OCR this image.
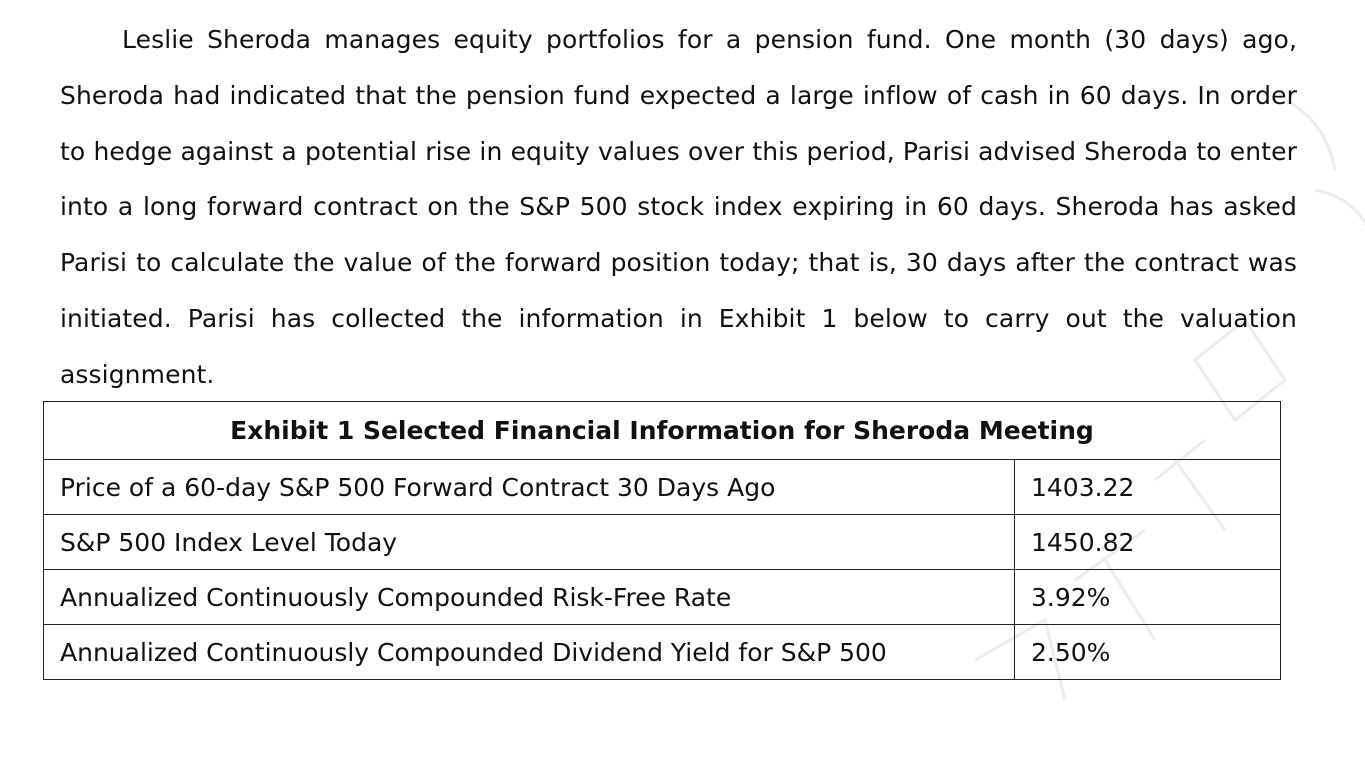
Leslie Sheroda manages equity portfolios for a pension fund. One month (30 days) ago, Sheroda had indicated that the pension fund expected a large inflow of cash in 60 days. In order to hedge against a potential rise in equity values over this period, Parisi advised Sheroda to enter into a long forward contract on the S&P 500 stock index expiring in 60 days. Sheroda has asked Parisi to calculate the value of the forward position today; that is, 30 days after the contract was initiated. Parisi has collected the information in Exhibit 1 below to carry out the valuation assignment.

Exhibit 1 Selected Financial Information for Sheroda Meeting	
Price of a 60-day S&P 500 Forward Contract 30 Days Ago	1403.22
S&P 500 Index Level Today	1450.82
Annualized Continuously Compounded Risk-Free Rate	3.92%
Annualized Continuously Compounded Dividend Yield for S&P 500	2.50%
